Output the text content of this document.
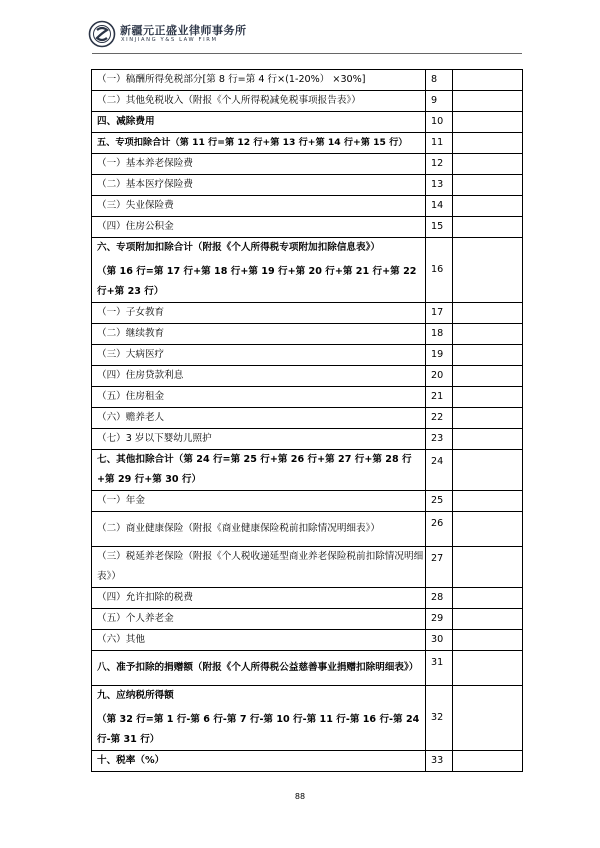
新疆元正盛业律师事务所
XINJIANG Y&S LAW FIRM
（一）稿酬所得免税部分[第 8 行=第 4 行×(1-20%） ×30%]	8	
（二）其他免税收入（附报《个人所得税减免税事项报告表》）	9	
四、减除费用	10	
五、专项扣除合计（第 11 行=第 12 行+第 13 行+第 14 行+第 15 行）	11	
（一）基本养老保险费	12	
（二）基本医疗保险费	13	
（三）失业保险费	14	
（四）住房公积金	15	

六、专项附加扣除合计（附报《个人所得税专项附加扣除信息表》）
（第 16 行=第 17 行+第 18 行+第 19 行+第 20 行+第 21 行+第 22 行+第 23 行）	16	
（一）子女教育	17	
（二）继续教育	18	
（三）大病医疗	19	
（四）住房贷款利息	20	
（五）住房租金	21	
（六）赡养老人	22	
（七）3 岁以下婴幼儿照护	23	
七、其他扣除合计（第 24 行=第 25 行+第 26 行+第 27 行+第 28 行+第 29 行+第 30 行）	24	
（一）年金	25	
（二）商业健康保险（附报《商业健康保险税前扣除情况明细表》）	26	
（三）税延养老保险（附报《个人税收递延型商业养老保险税前扣除情况明细表》）	27	
（四）允许扣除的税费	28	
（五）个人养老金	29	
（六）其他	30	
八、准予扣除的捐赠额（附报《个人所得税公益慈善事业捐赠扣除明细表》）	31	

九、应纳税所得额
（第 32 行=第 1 行-第 6 行-第 7 行-第 10 行-第 11 行-第 16 行-第 24 行-第 31 行）	32	
十、税率（%）	33	
88
